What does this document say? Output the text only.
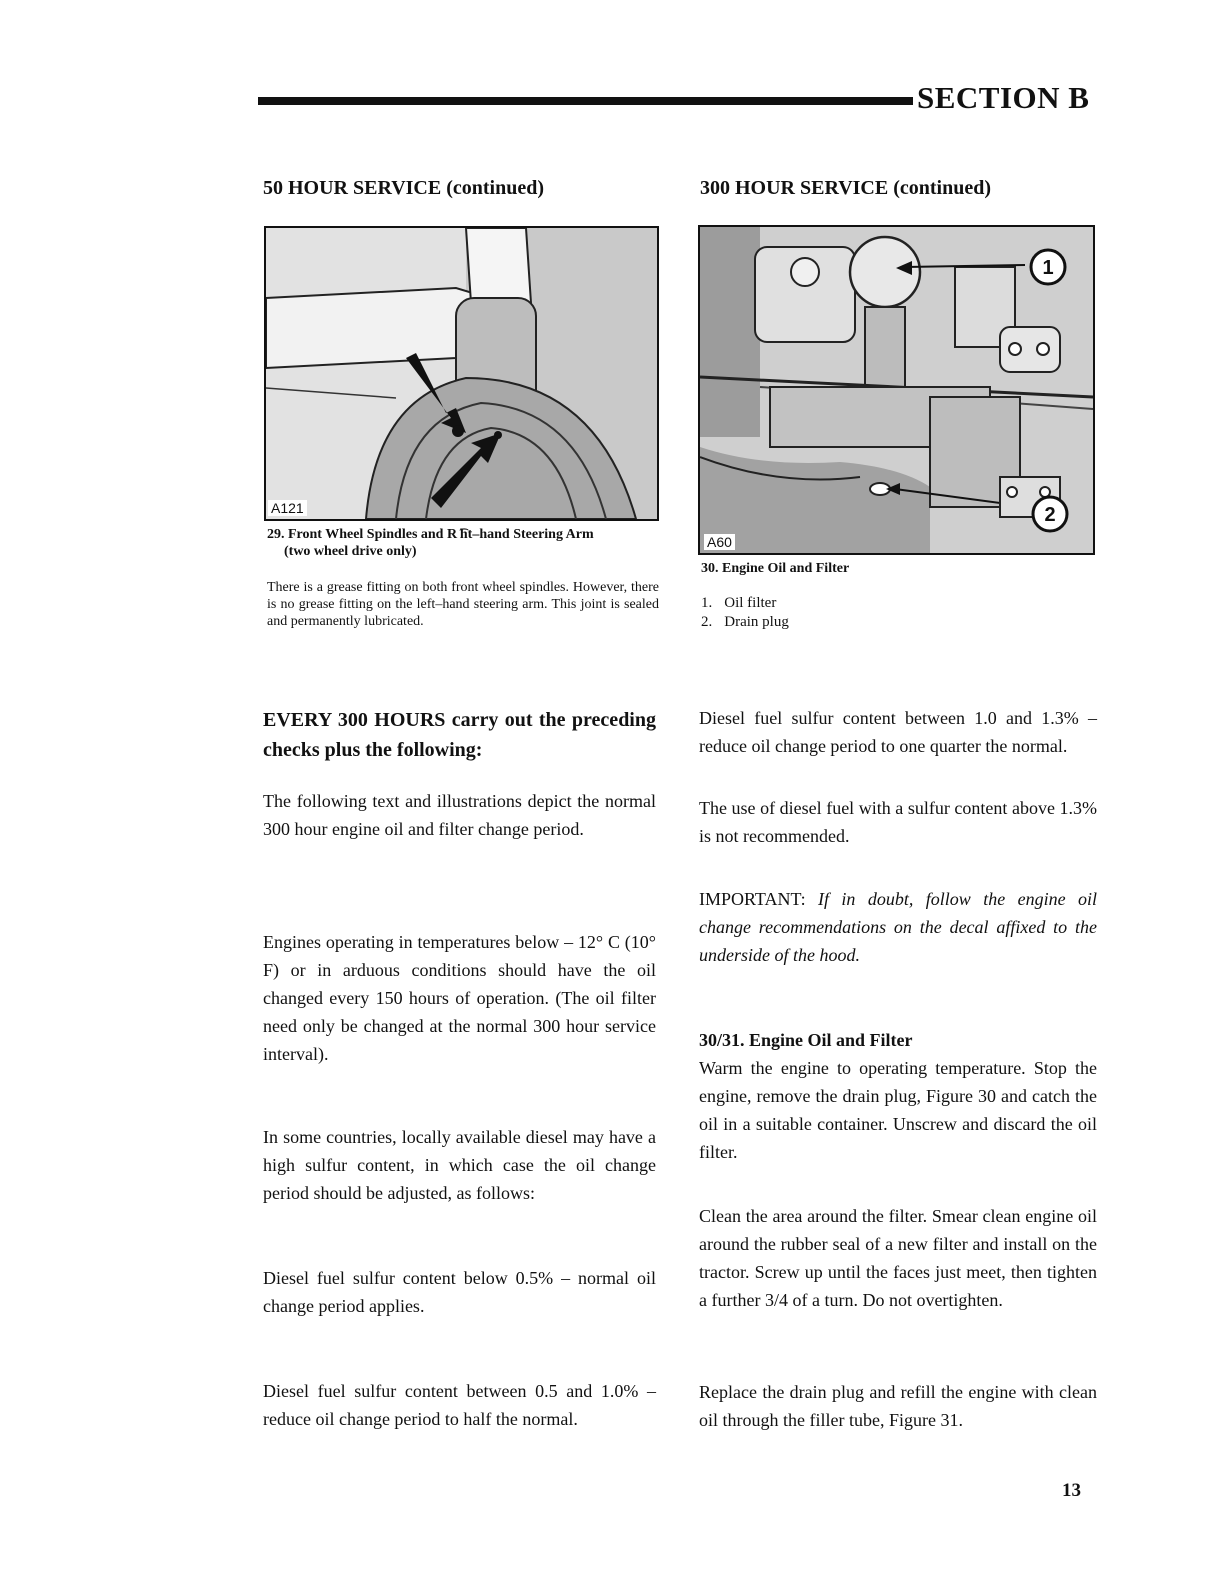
SECTION B
50 HOUR SERVICE (continued)
A121
29. Front Wheel Spindles and R ͡ht–hand Steering Arm
(two wheel drive only)
There is a grease fitting on both front wheel spindles. However, there is no grease fitting on the left–hand steering arm. This joint is sealed and permanently lubricated.
EVERY 300 HOURS carry out the preceding checks plus the following:
The following text and illustrations depict the normal 300 hour engine oil and filter change period.
Engines operating in temperatures below – 12° C (10° F) or in arduous conditions should have the oil changed every 150 hours of operation. (The oil filter need only be changed at the normal 300 hour service interval).
In some countries, locally available diesel may have a high sulfur content, in which case the oil change period should be adjusted, as follows:
Diesel fuel sulfur content below 0.5% – normal oil change period applies.
Diesel fuel sulfur content between 0.5 and 1.0% – reduce oil change period to half the normal.
300 HOUR SERVICE (continued)
1
2
A60
30. Engine Oil and Filter
1. Oil filter
2. Drain plug
Diesel fuel sulfur content between 1.0 and 1.3% – reduce oil change period to one quarter the normal.
The use of diesel fuel with a sulfur content above 1.3% is not recommended.
IMPORTANT: If in doubt, follow the engine oil change recommendations on the decal affixed to the underside of the hood.
30/31. Engine Oil and Filter
Warm the engine to operating temperature. Stop the engine, remove the drain plug, Figure 30 and catch the oil in a suitable container. Unscrew and discard the oil filter.
Clean the area around the filter. Smear clean engine oil around the rubber seal of a new filter and install on the tractor. Screw up until the faces just meet, then tighten a further 3/4 of a turn. Do not overtighten.
Replace the drain plug and refill the engine with clean oil through the filler tube, Figure 31.
13
